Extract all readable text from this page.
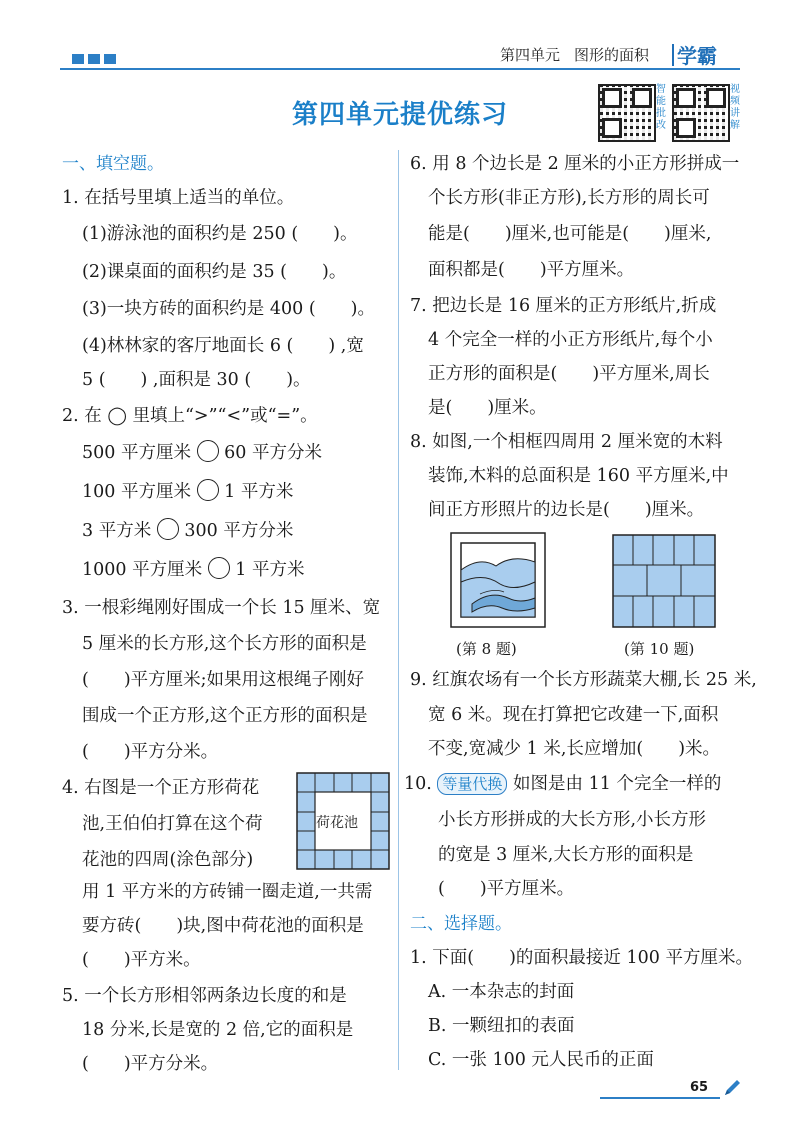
第四单元 图形的面积	学霸
第四单元提优练习
智能批改
视频讲解
一、填空题。
1. 在括号里填上适当的单位。
(1)游泳池的面积约是 250 (　　)。
(2)课桌面的面积约是 35 (　　)。
(3)一块方砖的面积约是 400 (　　)。
(4)林林家的客厅地面长 6 (　　) ,宽
5 (　　) ,面积是 30 (　　)。
2. 在 ◯ 里填上“>”“<”或“=”。
500 平方厘米 60 平方分米
100 平方厘米 1 平方米
3 平方米 300 平方分米
1000 平方厘米 1 平方米
3. 一根彩绳刚好围成一个长 15 厘米、宽
5 厘米的长方形,这个长方形的面积是
(　　)平方厘米;如果用这根绳子刚好
围成一个正方形,这个正方形的面积是
(　　)平方分米。
4. 右图是一个正方形荷花
池,王伯伯打算在这个荷
花池的四周(涂色部分)
用 1 平方米的方砖铺一圈走道,一共需
要方砖(　　)块,图中荷花池的面积是
(　　)平方米。
荷花池
5. 一个长方形相邻两条边长度的和是
18 分米,长是宽的 2 倍,它的面积是
(　　)平方分米。
6. 用 8 个边长是 2 厘米的小正方形拼成一
个长方形(非正方形),长方形的周长可
能是(　　)厘米,也可能是(　　)厘米,
面积都是(　　)平方厘米。
7. 把边长是 16 厘米的正方形纸片,折成
4 个完全一样的小正方形纸片,每个小
正方形的面积是(　　)平方厘米,周长
是(　　)厘米。
8. 如图,一个相框四周用 2 厘米宽的木料
装饰,木料的总面积是 160 平方厘米,中
间正方形照片的边长是(　　)厘米。
(第 8 题)	(第 10 题)
9. 红旗农场有一个长方形蔬菜大棚,长 25 米,
宽 6 米。现在打算把它改建一下,面积
不变,宽减少 1 米,长应增加(　　)米。
10. 等量代换 如图是由 11 个完全一样的
小长方形拼成的大长方形,小长方形
的宽是 3 厘米,大长方形的面积是
(　　)平方厘米。
二、选择题。
1. 下面(　　)的面积最接近 100 平方厘米。
A. 一本杂志的封面
B. 一颗纽扣的表面
C. 一张 100 元人民币的正面
65
